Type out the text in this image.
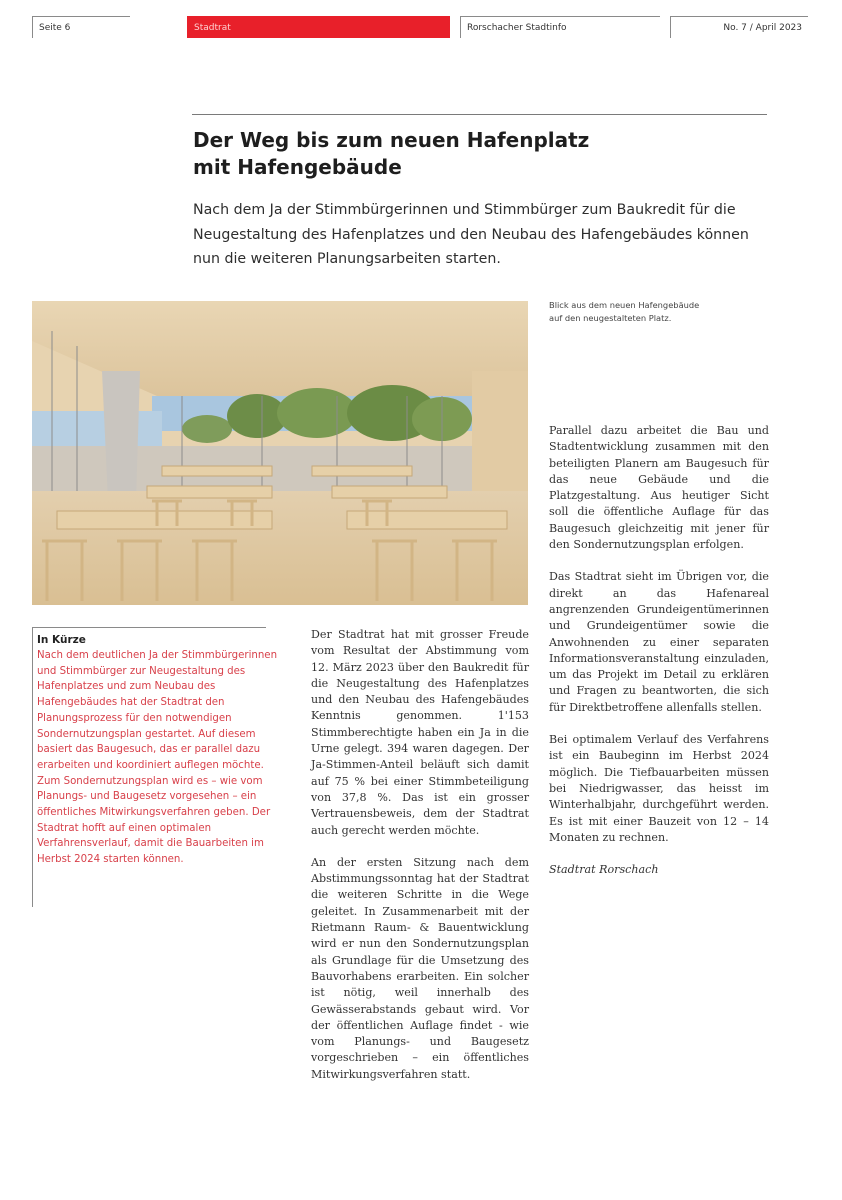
Seite 6	Stadtrat	Rorschacher Stadtinfo	No. 7 / April 2023
Der Weg bis zum neuen Hafenplatz
mit Hafengebäude

Nach dem Ja der Stimmbürgerinnen und Stimmbürger zum Baukredit für die Neugestaltung des Hafenplatzes und den Neubau des Hafengebäudes können nun die weiteren Planungsarbeiten starten.

Blick aus dem neuen Hafengebäude
auf den neugestalteten Platz.
In Kürze

Nach dem deutlichen Ja der Stimmbürgerinnen und Stimmbürger zur Neugestaltung des Hafenplatzes und zum Neubau des Hafengebäudes hat der Stadtrat den Planungsprozess für den notwendigen Sondernutzungsplan gestartet. Auf diesem basiert das Baugesuch, das er parallel dazu erarbeiten und koordiniert auflegen möchte. Zum Sondernutzungsplan wird es – wie vom Planungs- und Baugesetz vorgesehen – ein öffentliches Mitwirkungsverfahren geben. Der Stadtrat hofft auf einen optimalen Verfahrensverlauf, damit die Bauarbeiten im Herbst 2024 starten können.

Der Stadtrat hat mit grosser Freude vom Resultat der Abstimmung vom 12. März 2023 über den Baukredit für die Neugestaltung des Hafenplatzes und den Neubau des Hafengebäudes Kenntnis genommen. 1'153 Stimmberechtigte haben ein Ja in die Urne gelegt. 394 waren dagegen. Der Ja-Stimmen-Anteil beläuft sich damit auf 75 % bei einer Stimmbeteiligung von 37,8 %. Das ist ein grosser Vertrauensbeweis, dem der Stadtrat auch gerecht werden möchte.

An der ersten Sitzung nach dem Abstimmungssonntag hat der Stadtrat die weiteren Schritte in die Wege geleitet. In Zusammenarbeit mit der Rietmann Raum- & Bauentwicklung wird er nun den Sondernutzungsplan als Grundlage für die Umsetzung des Bauvorhabens erarbeiten. Ein solcher ist nötig, weil innerhalb des Gewässerabstands gebaut wird. Vor der öffentlichen Auflage findet - wie vom Planungs- und Baugesetz vorgeschrieben – ein öffentliches Mitwirkungsverfahren statt.

Parallel dazu arbeitet die Bau und Stadtentwicklung zusammen mit den beteiligten Planern am Baugesuch für das neue Gebäude und die Platzgestaltung. Aus heutiger Sicht soll die öffentliche Auflage für das Baugesuch gleichzeitig mit jener für den Sondernutzungsplan erfolgen.

Das Stadtrat sieht im Übrigen vor, die direkt an das Hafenareal angrenzenden Grundeigentümerinnen und Grundeigentümer sowie die Anwohnenden zu einer separaten Informationsveranstaltung einzuladen, um das Projekt im Detail zu erklären und Fragen zu beantworten, die sich für Direktbetroffene allenfalls stellen.

Bei optimalem Verlauf des Verfahrens ist ein Baubeginn im Herbst 2024 möglich. Die Tiefbauarbeiten müssen bei Niedrigwasser, das heisst im Winterhalbjahr, durchgeführt werden. Es ist mit einer Bauzeit von 12 – 14 Monaten zu rechnen.

Stadtrat Rorschach
